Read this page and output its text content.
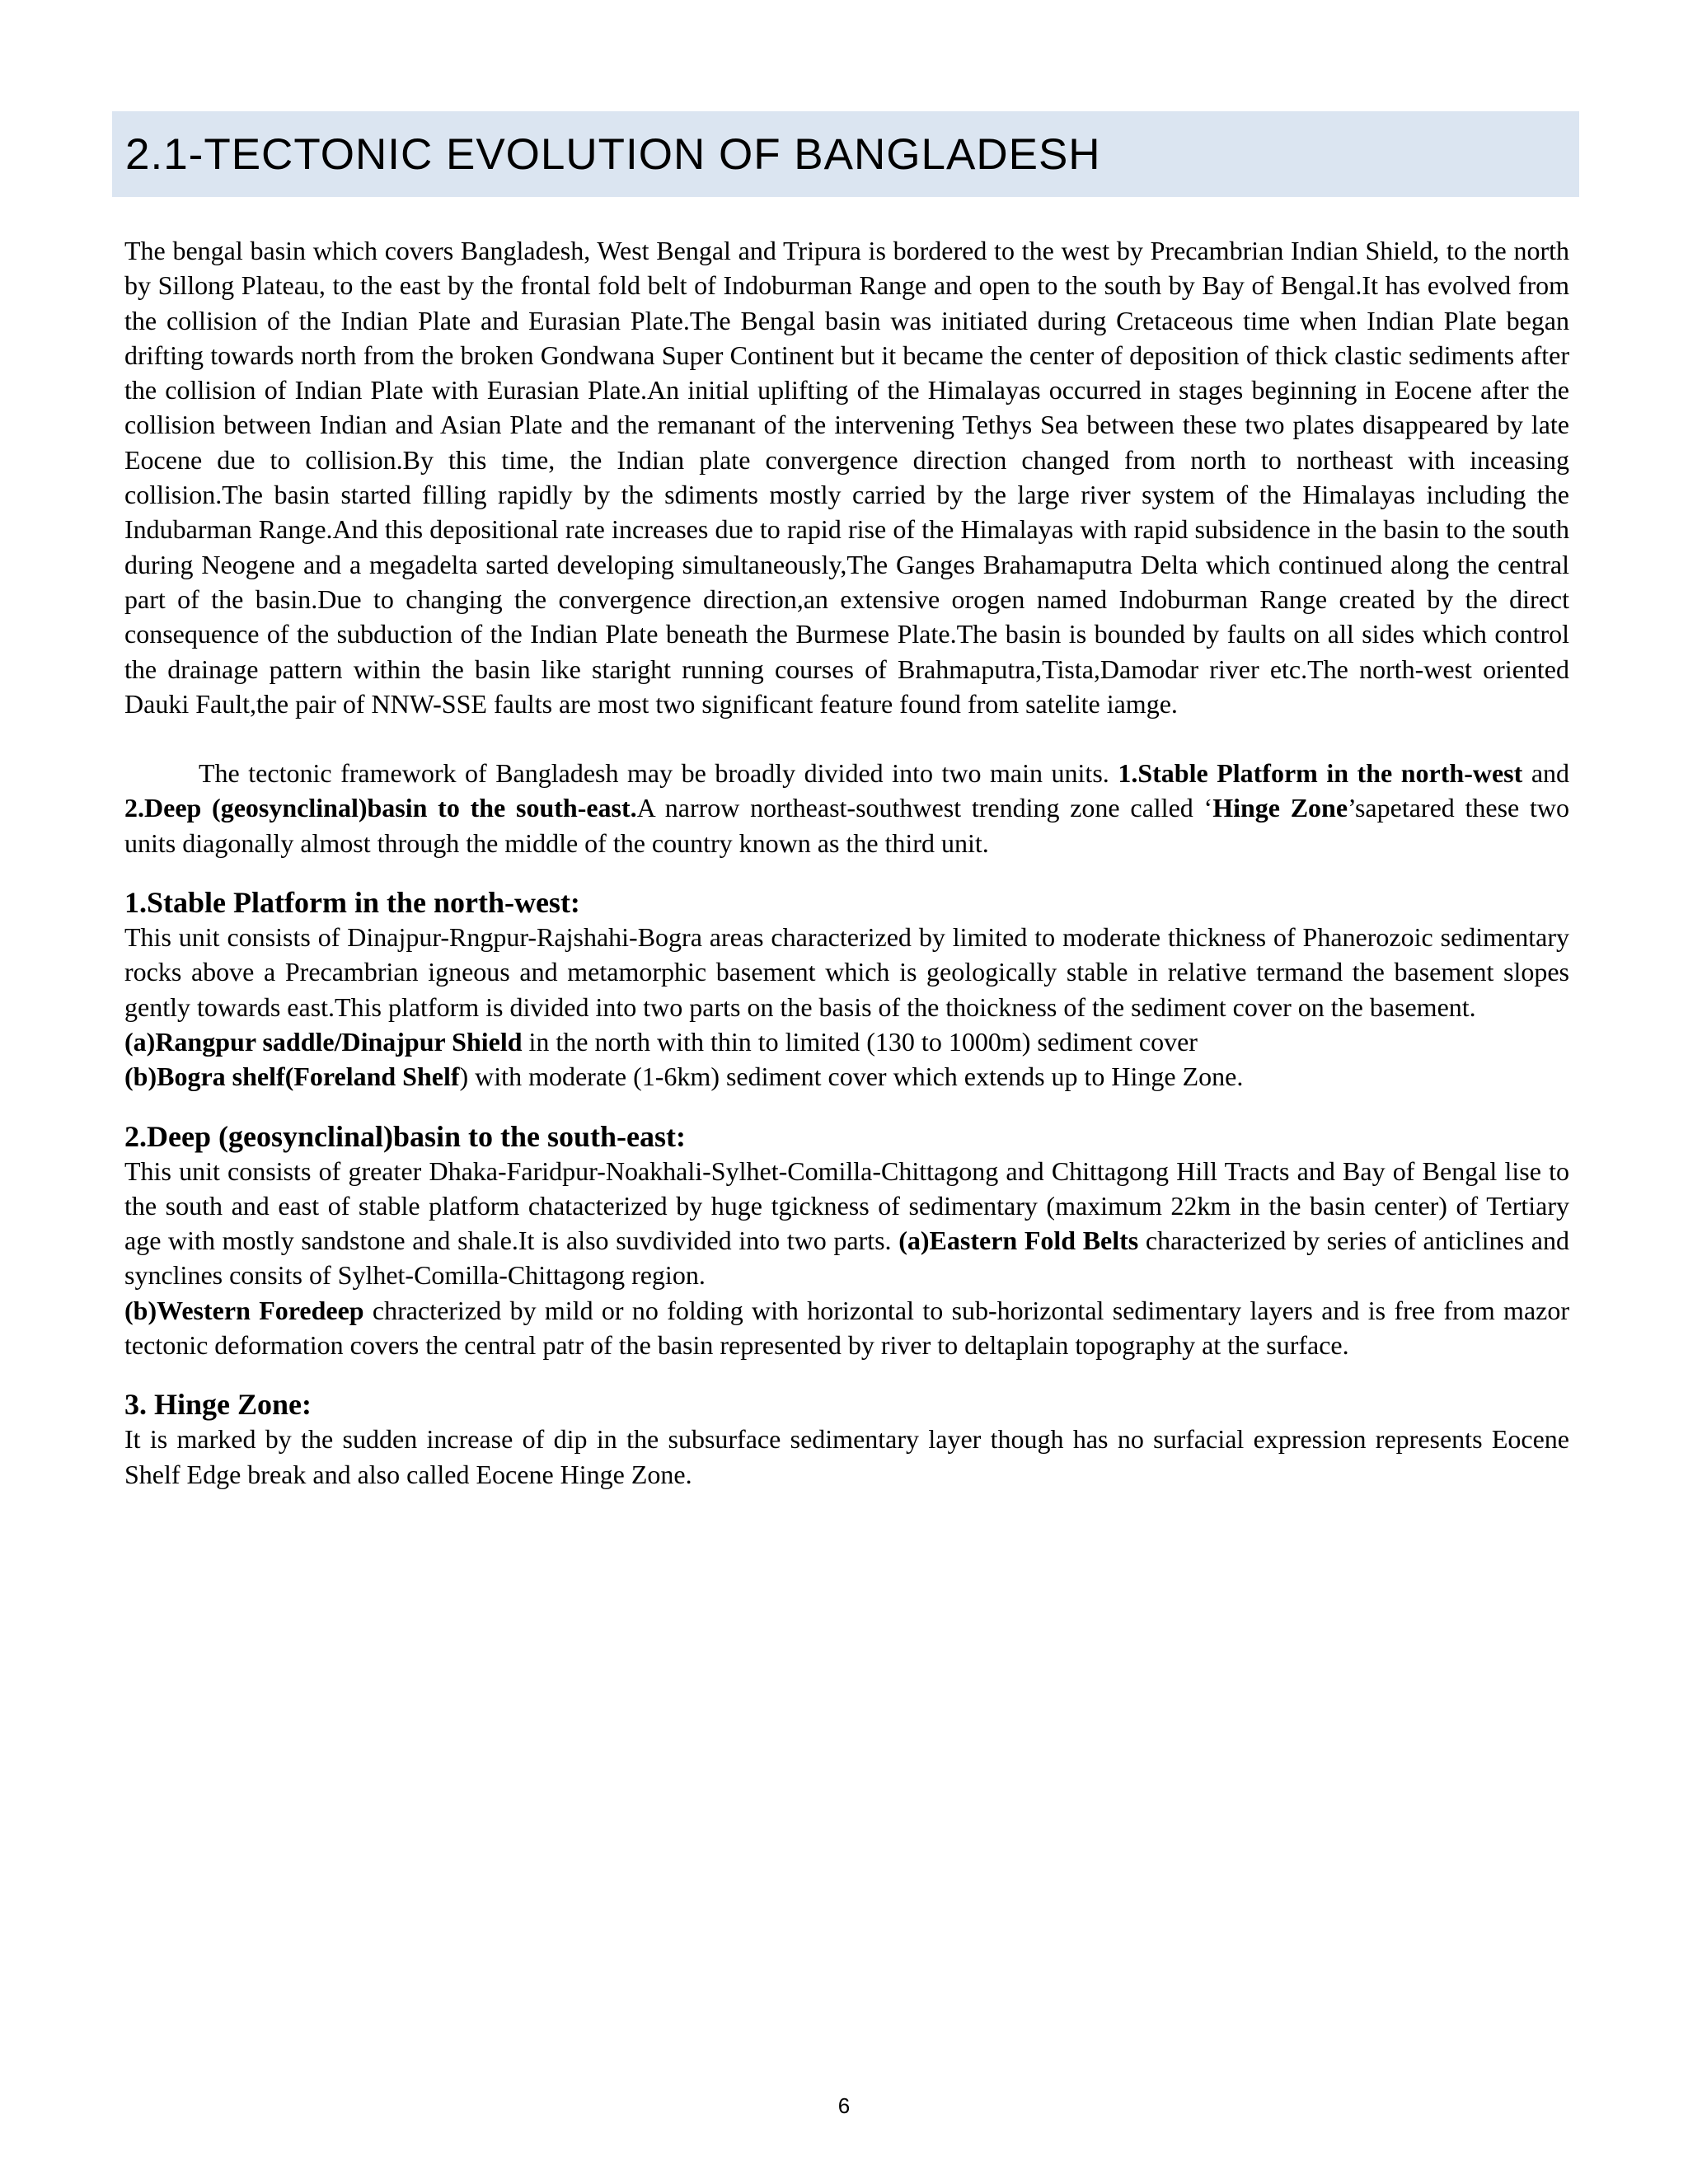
2.1-TECTONIC EVOLUTION OF BANGLADESH

The bengal basin which covers Bangladesh, West Bengal and Tripura is bordered to the west by Precambrian Indian Shield, to the north by Sillong Plateau, to the east by the frontal fold belt of Indoburman Range and open to the south by Bay of Bengal.It has evolved from the collision of the Indian Plate and Eurasian Plate.The Bengal basin was initiated during Cretaceous time when Indian Plate began drifting towards north from the broken Gondwana Super Continent but it became the center of deposition of thick clastic sediments after the collision of Indian Plate with Eurasian Plate.An initial uplifting of the Himalayas occurred in stages beginning in Eocene after the collision between Indian and Asian Plate and the remanant of the intervening Tethys Sea between these two plates disappeared by late Eocene due to collision.By this time, the Indian plate convergence direction changed from north to northeast with inceasing collision.The basin started filling rapidly by the sdiments mostly carried by the large river system of the Himalayas including the Indubarman Range.And this depositional rate increases due to rapid rise of the Himalayas with rapid subsidence in the basin to the south during Neogene and a megadelta sarted developing simultaneously,The Ganges Brahamaputra Delta which continued along the central part of the basin.Due to changing the convergence direction,an extensive orogen named Indoburman Range created by the direct consequence of the subduction of the Indian Plate beneath the Burmese Plate.The basin is bounded by faults on all sides which control the drainage pattern within the basin like staright running courses of Brahmaputra,Tista,Damodar river etc.The north-west oriented Dauki Fault,the pair of NNW-SSE faults are most two significant feature found from satelite iamge.

The tectonic framework of Bangladesh may be broadly divided into two main units. 1.Stable Platform in the north-west and 2.Deep (geosynclinal)basin to the south-east.A narrow northeast-southwest trending zone called ‘Hinge Zone’sapetared these two units diagonally almost through the middle of the country known as the third unit.

1.Stable Platform in the north-west:

This unit consists of Dinajpur-Rngpur-Rajshahi-Bogra areas characterized by limited to moderate thickness of Phanerozoic sedimentary rocks above a Precambrian igneous and metamorphic basement which is geologically stable in relative termand the basement slopes gently towards east.This platform is divided into two parts on the basis of the thoickness of the sediment cover on the basement.

(a)Rangpur saddle/Dinajpur Shield in the north with thin to limited (130 to 1000m) sediment cover

(b)Bogra shelf(Foreland Shelf) with moderate (1-6km) sediment cover which extends up to Hinge Zone.

2.Deep (geosynclinal)basin to the south-east:

This unit consists of greater Dhaka-Faridpur-Noakhali-Sylhet-Comilla-Chittagong and Chittagong Hill Tracts and Bay of Bengal lise to the south and east of stable platform chatacterized by huge tgickness of sedimentary (maximum 22km in the basin center) of Tertiary age with mostly sandstone and shale.It is also suvdivided into two parts. (a)Eastern Fold Belts characterized by series of anticlines and synclines consits of Sylhet-Comilla-Chittagong region.

(b)Western Foredeep chracterized by mild or no folding with horizontal to sub-horizontal sedimentary layers and is free from mazor tectonic deformation covers the central patr of the basin represented by river to deltaplain topography at the surface.

3. Hinge Zone:

It is marked by the sudden increase of dip in the subsurface sedimentary layer though has no surfacial expression represents Eocene Shelf Edge break and also called Eocene Hinge Zone.

6
